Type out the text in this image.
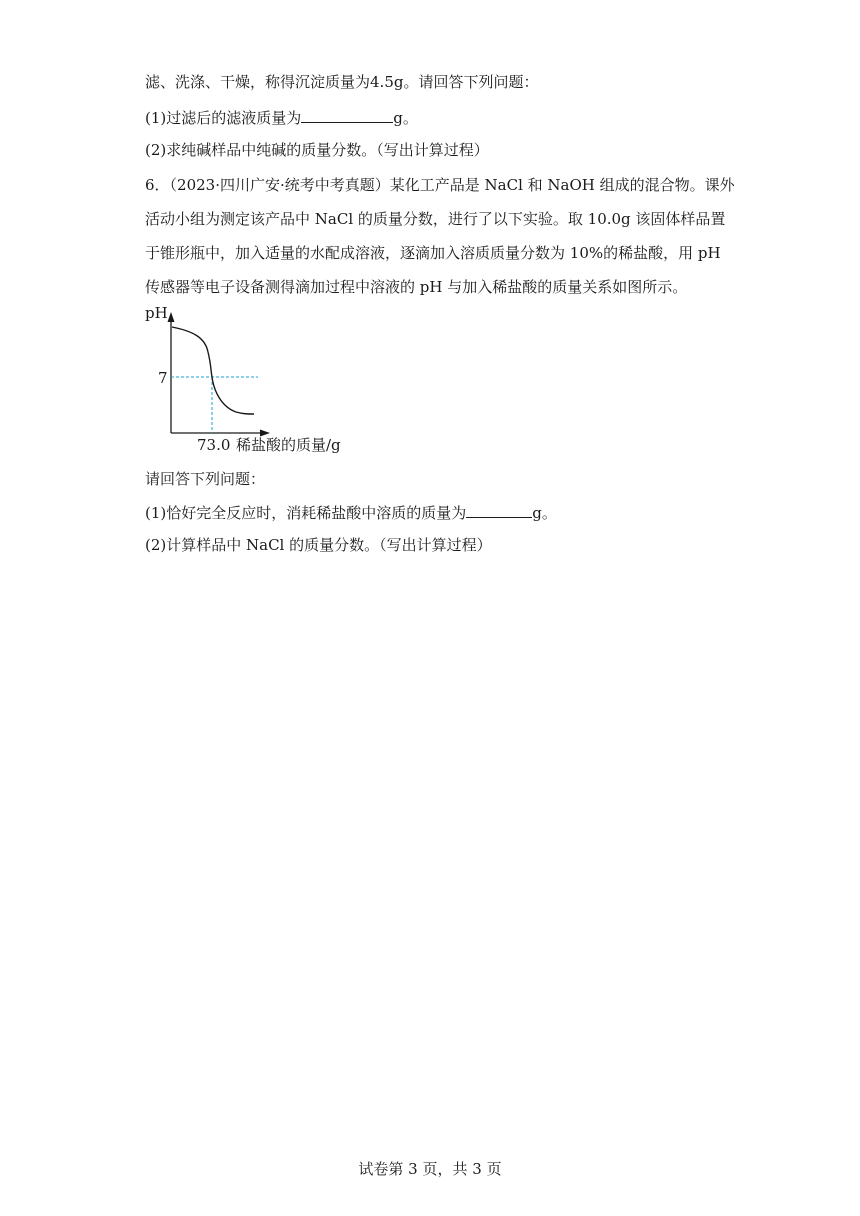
滤、洗涤、干燥，称得沉淀质量为4.5g。请回答下列问题：
(1)过滤后的滤液质量为	g。
(2)求纯碱样品中纯碱的质量分数。（写出计算过程）
6．（2023·四川广安·统考中考真题）某化工产品是 NaCl 和 NaOH 组成的混合物。课外
活动小组为测定该产品中 NaCl 的质量分数，进行了以下实验。取 10.0g 该固体样品置
于锥形瓶中，加入适量的水配成溶液，逐滴加入溶质质量分数为 10%的稀盐酸，用 pH
传感器等电子设备测得滴加过程中溶液的 pH 与加入稀盐酸的质量关系如图所示。
pH
7
73.0 稀盐酸的质量/g
请回答下列问题：
(1)恰好完全反应时，消耗稀盐酸中溶质的质量为	g。
(2)计算样品中 NaCl 的质量分数。（写出计算过程）
试卷第 3 页，共 3 页
